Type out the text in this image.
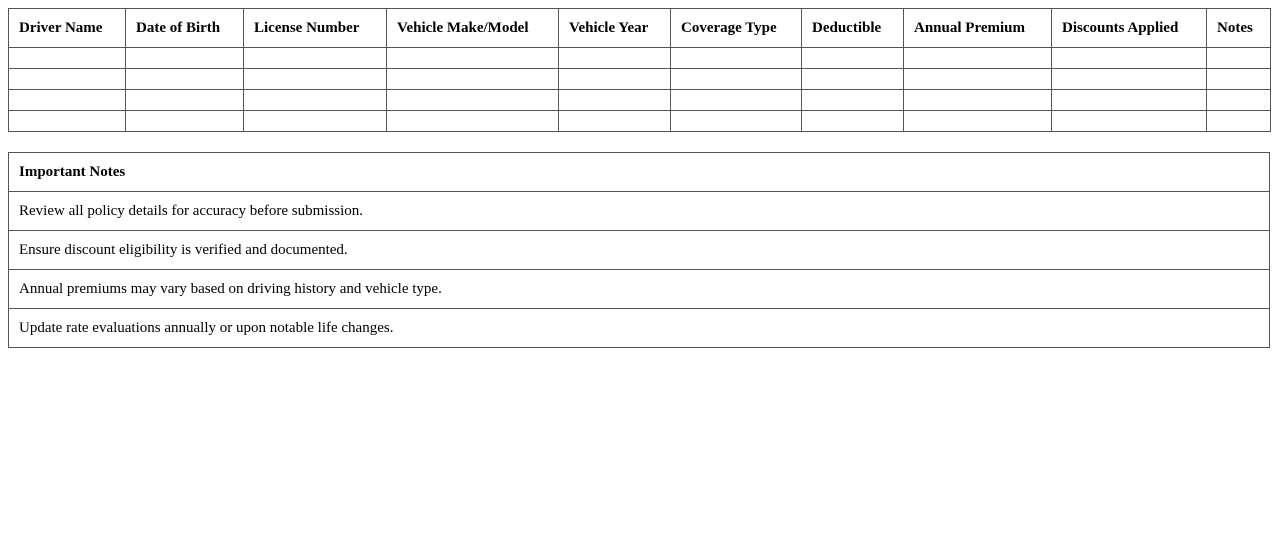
Driver Name	Date of Birth	License Number	Vehicle Make/Model	Vehicle Year	Coverage Type	Deductible	Annual Premium	Discounts Applied	Notes

Important Notes
Review all policy details for accuracy before submission.
Ensure discount eligibility is verified and documented.
Annual premiums may vary based on driving history and vehicle type.
Update rate evaluations annually or upon notable life changes.
